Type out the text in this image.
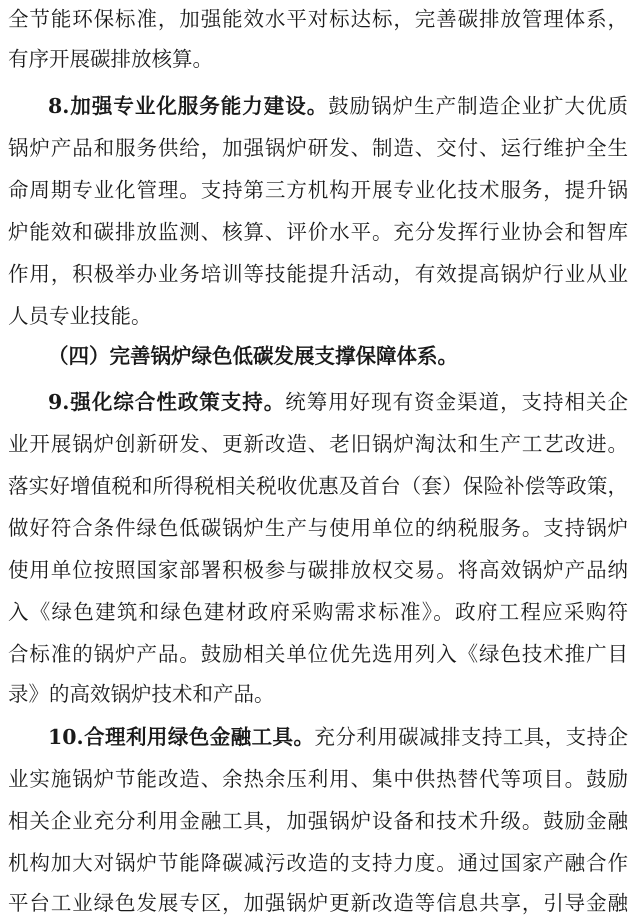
全节能环保标准，加强能效水平对标达标，完善碳排放管理体系，
有序开展碳排放核算。
8.加强专业化服务能力建设。鼓励锅炉生产制造企业扩大优质
锅炉产品和服务供给，加强锅炉研发、制造、交付、运行维护全生
命周期专业化管理。支持第三方机构开展专业化技术服务，提升锅
炉能效和碳排放监测、核算、评价水平。充分发挥行业协会和智库
作用，积极举办业务培训等技能提升活动，有效提高锅炉行业从业
人员专业技能。
（四）完善锅炉绿色低碳发展支撑保障体系。
9.强化综合性政策支持。统筹用好现有资金渠道，支持相关企
业开展锅炉创新研发、更新改造、老旧锅炉淘汰和生产工艺改进。
落实好增值税和所得税相关税收优惠及首台（套）保险补偿等政策，
做好符合条件绿色低碳锅炉生产与使用单位的纳税服务。支持锅炉
使用单位按照国家部署积极参与碳排放权交易。将高效锅炉产品纳
入《绿色建筑和绿色建材政府采购需求标准》。政府工程应采购符
合标准的锅炉产品。鼓励相关单位优先选用列入《绿色技术推广目
录》的高效锅炉技术和产品。
10.合理利用绿色金融工具。充分利用碳减排支持工具，支持企
业实施锅炉节能改造、余热余压利用、集中供热替代等项目。鼓励
相关企业充分利用金融工具，加强锅炉设备和技术升级。鼓励金融
机构加大对锅炉节能降碳减污改造的支持力度。通过国家产融合作
平台工业绿色发展专区，加强锅炉更新改造等信息共享，引导金融
